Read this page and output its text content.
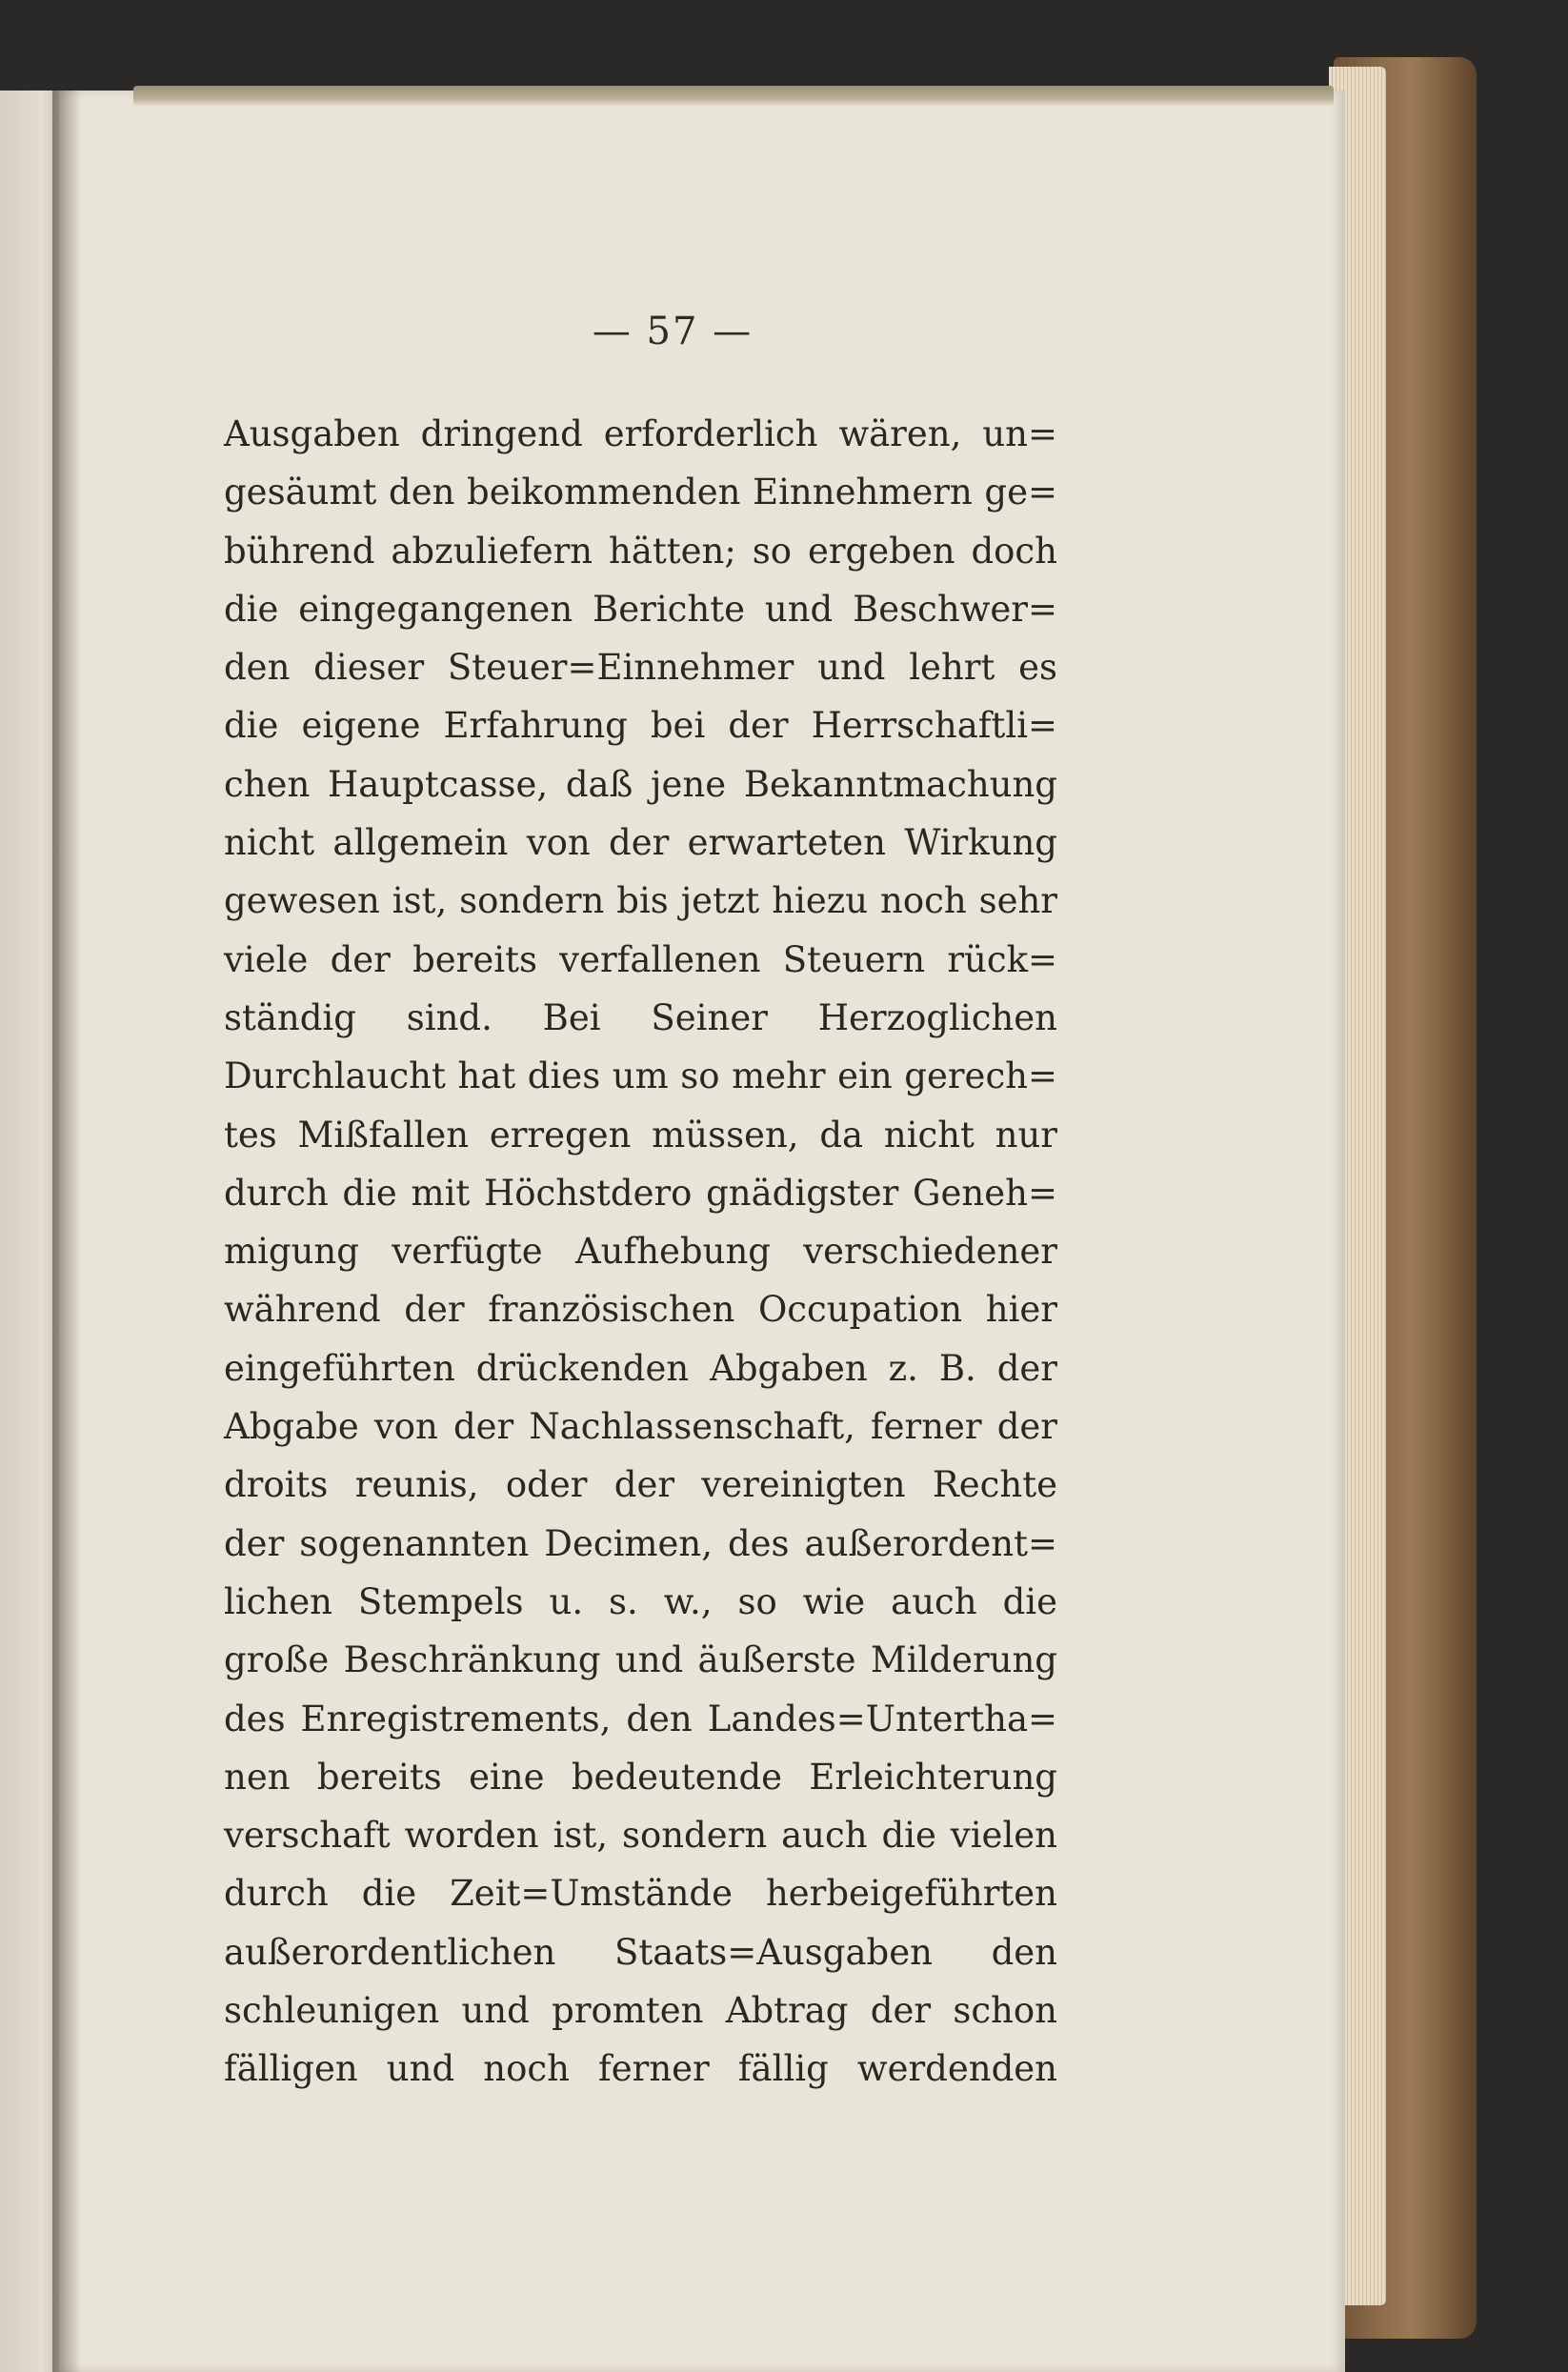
— 57 —
Ausgaben dringend erforderlich wären, un=
gesäumt den beikommenden Einnehmern ge=
bührend abzuliefern hätten; so ergeben doch
die eingegangenen Berichte und Beschwer=
den dieser Steuer=Einnehmer und lehrt es
die eigene Erfahrung bei der Herrschaftli=
chen Hauptcasse, daß jene Bekanntmachung
nicht allgemein von der erwarteten Wirkung
gewesen ist, sondern bis jetzt hiezu noch sehr
viele der bereits verfallenen Steuern rück=
ständig sind. Bei Seiner Herzoglichen
Durchlaucht hat dies um so mehr ein gerech=
tes Mißfallen erregen müssen, da nicht nur
durch die mit Höchstdero gnädigster Geneh=
migung verfügte Aufhebung verschiedener
während der französischen Occupation hier
eingeführten drückenden Abgaben z. B. der
Abgabe von der Nachlassenschaft, ferner der
droits reunis, oder der vereinigten Rechte
der sogenannten Decimen, des außerordent=
lichen Stempels u. s. w., so wie auch die
große Beschränkung und äußerste Milderung
des Enregistrements, den Landes=Untertha=
nen bereits eine bedeutende Erleichterung
verschaft worden ist, sondern auch die vielen
durch die Zeit=Umstände herbeigeführten
außerordentlichen Staats=Ausgaben den
schleunigen und promten Abtrag der schon
fälligen und noch ferner fällig werdenden
